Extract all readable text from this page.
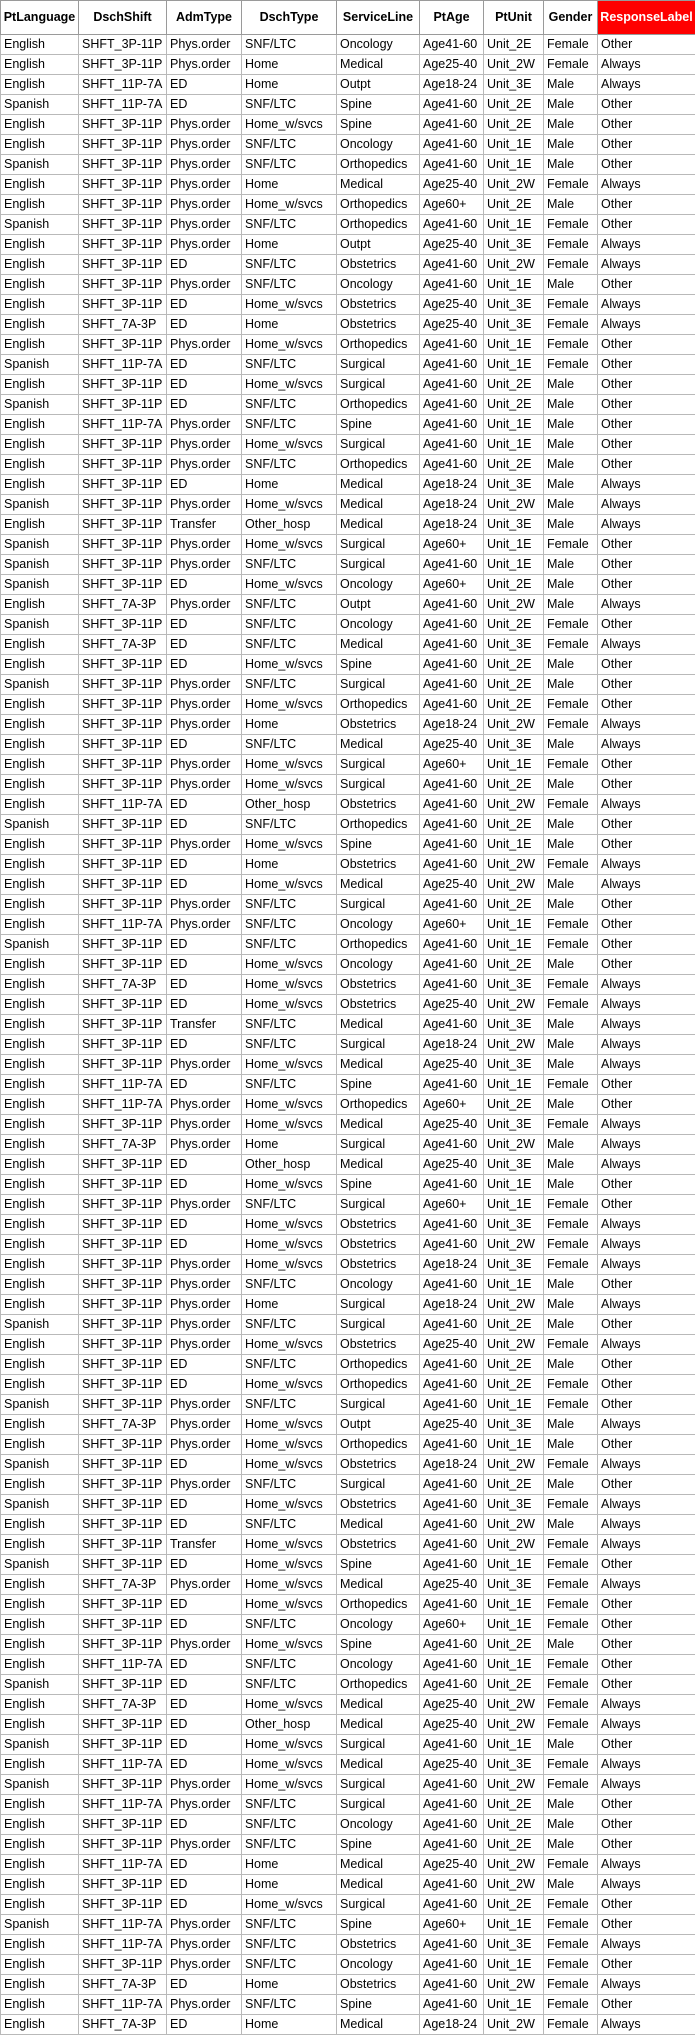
PtLanguage	DschShift	AdmType	DschType	ServiceLine	PtAge	PtUnit	Gender	ResponseLabel
English	SHFT_3P-11P	Phys.order	SNF/LTC	Oncology	Age41-60	Unit_2E	Female	Other
English	SHFT_3P-11P	Phys.order	Home	Medical	Age25-40	Unit_2W	Female	Always
English	SHFT_11P-7A	ED	Home	Outpt	Age18-24	Unit_3E	Male	Always
Spanish	SHFT_11P-7A	ED	SNF/LTC	Spine	Age41-60	Unit_2E	Male	Other
English	SHFT_3P-11P	Phys.order	Home_w/svcs	Spine	Age41-60	Unit_2E	Male	Other
English	SHFT_3P-11P	Phys.order	SNF/LTC	Oncology	Age41-60	Unit_1E	Male	Other
Spanish	SHFT_3P-11P	Phys.order	SNF/LTC	Orthopedics	Age41-60	Unit_1E	Male	Other
English	SHFT_3P-11P	Phys.order	Home	Medical	Age25-40	Unit_2W	Female	Always
English	SHFT_3P-11P	Phys.order	Home_w/svcs	Orthopedics	Age60+	Unit_2E	Male	Other
Spanish	SHFT_3P-11P	Phys.order	SNF/LTC	Orthopedics	Age41-60	Unit_1E	Female	Other
English	SHFT_3P-11P	Phys.order	Home	Outpt	Age25-40	Unit_3E	Female	Always
English	SHFT_3P-11P	ED	SNF/LTC	Obstetrics	Age41-60	Unit_2W	Female	Always
English	SHFT_3P-11P	Phys.order	SNF/LTC	Oncology	Age41-60	Unit_1E	Male	Other
English	SHFT_3P-11P	ED	Home_w/svcs	Obstetrics	Age25-40	Unit_3E	Female	Always
English	SHFT_7A-3P	ED	Home	Obstetrics	Age25-40	Unit_3E	Female	Always
English	SHFT_3P-11P	Phys.order	Home_w/svcs	Orthopedics	Age41-60	Unit_1E	Female	Other
Spanish	SHFT_11P-7A	ED	SNF/LTC	Surgical	Age41-60	Unit_1E	Female	Other
English	SHFT_3P-11P	ED	Home_w/svcs	Surgical	Age41-60	Unit_2E	Male	Other
Spanish	SHFT_3P-11P	ED	SNF/LTC	Orthopedics	Age41-60	Unit_2E	Male	Other
English	SHFT_11P-7A	Phys.order	SNF/LTC	Spine	Age41-60	Unit_1E	Male	Other
English	SHFT_3P-11P	Phys.order	Home_w/svcs	Surgical	Age41-60	Unit_1E	Male	Other
English	SHFT_3P-11P	Phys.order	SNF/LTC	Orthopedics	Age41-60	Unit_2E	Male	Other
English	SHFT_3P-11P	ED	Home	Medical	Age18-24	Unit_3E	Male	Always
Spanish	SHFT_3P-11P	Phys.order	Home_w/svcs	Medical	Age18-24	Unit_2W	Male	Always
English	SHFT_3P-11P	Transfer	Other_hosp	Medical	Age18-24	Unit_3E	Male	Always
Spanish	SHFT_3P-11P	Phys.order	Home_w/svcs	Surgical	Age60+	Unit_1E	Female	Other
Spanish	SHFT_3P-11P	Phys.order	SNF/LTC	Surgical	Age41-60	Unit_1E	Male	Other
Spanish	SHFT_3P-11P	ED	Home_w/svcs	Oncology	Age60+	Unit_2E	Male	Other
English	SHFT_7A-3P	Phys.order	SNF/LTC	Outpt	Age41-60	Unit_2W	Male	Always
Spanish	SHFT_3P-11P	ED	SNF/LTC	Oncology	Age41-60	Unit_2E	Female	Other
English	SHFT_7A-3P	ED	SNF/LTC	Medical	Age41-60	Unit_3E	Female	Always
English	SHFT_3P-11P	ED	Home_w/svcs	Spine	Age41-60	Unit_2E	Male	Other
Spanish	SHFT_3P-11P	Phys.order	SNF/LTC	Surgical	Age41-60	Unit_2E	Male	Other
English	SHFT_3P-11P	Phys.order	Home_w/svcs	Orthopedics	Age41-60	Unit_2E	Female	Other
English	SHFT_3P-11P	Phys.order	Home	Obstetrics	Age18-24	Unit_2W	Female	Always
English	SHFT_3P-11P	ED	SNF/LTC	Medical	Age25-40	Unit_3E	Male	Always
English	SHFT_3P-11P	Phys.order	Home_w/svcs	Surgical	Age60+	Unit_1E	Female	Other
English	SHFT_3P-11P	Phys.order	Home_w/svcs	Surgical	Age41-60	Unit_2E	Male	Other
English	SHFT_11P-7A	ED	Other_hosp	Obstetrics	Age41-60	Unit_2W	Female	Always
Spanish	SHFT_3P-11P	ED	SNF/LTC	Orthopedics	Age41-60	Unit_2E	Male	Other
English	SHFT_3P-11P	Phys.order	Home_w/svcs	Spine	Age41-60	Unit_1E	Male	Other
English	SHFT_3P-11P	ED	Home	Obstetrics	Age41-60	Unit_2W	Female	Always
English	SHFT_3P-11P	ED	Home_w/svcs	Medical	Age25-40	Unit_2W	Male	Always
English	SHFT_3P-11P	Phys.order	SNF/LTC	Surgical	Age41-60	Unit_2E	Male	Other
English	SHFT_11P-7A	Phys.order	SNF/LTC	Oncology	Age60+	Unit_1E	Female	Other
Spanish	SHFT_3P-11P	ED	SNF/LTC	Orthopedics	Age41-60	Unit_1E	Female	Other
English	SHFT_3P-11P	ED	Home_w/svcs	Oncology	Age41-60	Unit_2E	Male	Other
English	SHFT_7A-3P	ED	Home_w/svcs	Obstetrics	Age41-60	Unit_3E	Female	Always
English	SHFT_3P-11P	ED	Home_w/svcs	Obstetrics	Age25-40	Unit_2W	Female	Always
English	SHFT_3P-11P	Transfer	SNF/LTC	Medical	Age41-60	Unit_3E	Male	Always
English	SHFT_3P-11P	ED	SNF/LTC	Surgical	Age18-24	Unit_2W	Male	Always
English	SHFT_3P-11P	Phys.order	Home_w/svcs	Medical	Age25-40	Unit_3E	Male	Always
English	SHFT_11P-7A	ED	SNF/LTC	Spine	Age41-60	Unit_1E	Female	Other
English	SHFT_11P-7A	Phys.order	Home_w/svcs	Orthopedics	Age60+	Unit_2E	Male	Other
English	SHFT_3P-11P	Phys.order	Home_w/svcs	Medical	Age25-40	Unit_3E	Female	Always
English	SHFT_7A-3P	Phys.order	Home	Surgical	Age41-60	Unit_2W	Male	Always
English	SHFT_3P-11P	ED	Other_hosp	Medical	Age25-40	Unit_3E	Male	Always
English	SHFT_3P-11P	ED	Home_w/svcs	Spine	Age41-60	Unit_1E	Male	Other
English	SHFT_3P-11P	Phys.order	SNF/LTC	Surgical	Age60+	Unit_1E	Female	Other
English	SHFT_3P-11P	ED	Home_w/svcs	Obstetrics	Age41-60	Unit_3E	Female	Always
English	SHFT_3P-11P	ED	Home_w/svcs	Obstetrics	Age41-60	Unit_2W	Female	Always
English	SHFT_3P-11P	Phys.order	Home_w/svcs	Obstetrics	Age18-24	Unit_3E	Female	Always
English	SHFT_3P-11P	Phys.order	SNF/LTC	Oncology	Age41-60	Unit_1E	Male	Other
English	SHFT_3P-11P	Phys.order	Home	Surgical	Age18-24	Unit_2W	Male	Always
Spanish	SHFT_3P-11P	Phys.order	SNF/LTC	Surgical	Age41-60	Unit_2E	Male	Other
English	SHFT_3P-11P	Phys.order	Home_w/svcs	Obstetrics	Age25-40	Unit_2W	Female	Always
English	SHFT_3P-11P	ED	SNF/LTC	Orthopedics	Age41-60	Unit_2E	Male	Other
English	SHFT_3P-11P	ED	Home_w/svcs	Orthopedics	Age41-60	Unit_2E	Female	Other
Spanish	SHFT_3P-11P	Phys.order	SNF/LTC	Surgical	Age41-60	Unit_1E	Female	Other
English	SHFT_7A-3P	Phys.order	Home_w/svcs	Outpt	Age25-40	Unit_3E	Male	Always
English	SHFT_3P-11P	Phys.order	Home_w/svcs	Orthopedics	Age41-60	Unit_1E	Male	Other
Spanish	SHFT_3P-11P	ED	Home_w/svcs	Obstetrics	Age18-24	Unit_2W	Female	Always
English	SHFT_3P-11P	Phys.order	SNF/LTC	Surgical	Age41-60	Unit_2E	Male	Other
Spanish	SHFT_3P-11P	ED	Home_w/svcs	Obstetrics	Age41-60	Unit_3E	Female	Always
English	SHFT_3P-11P	ED	SNF/LTC	Medical	Age41-60	Unit_2W	Male	Always
English	SHFT_3P-11P	Transfer	Home_w/svcs	Obstetrics	Age41-60	Unit_2W	Female	Always
Spanish	SHFT_3P-11P	ED	Home_w/svcs	Spine	Age41-60	Unit_1E	Female	Other
English	SHFT_7A-3P	Phys.order	Home_w/svcs	Medical	Age25-40	Unit_3E	Female	Always
English	SHFT_3P-11P	ED	Home_w/svcs	Orthopedics	Age41-60	Unit_1E	Female	Other
English	SHFT_3P-11P	ED	SNF/LTC	Oncology	Age60+	Unit_1E	Female	Other
English	SHFT_3P-11P	Phys.order	Home_w/svcs	Spine	Age41-60	Unit_2E	Male	Other
English	SHFT_11P-7A	ED	SNF/LTC	Oncology	Age41-60	Unit_1E	Female	Other
Spanish	SHFT_3P-11P	ED	SNF/LTC	Orthopedics	Age41-60	Unit_2E	Female	Other
English	SHFT_7A-3P	ED	Home_w/svcs	Medical	Age25-40	Unit_2W	Female	Always
English	SHFT_3P-11P	ED	Other_hosp	Medical	Age25-40	Unit_2W	Female	Always
Spanish	SHFT_3P-11P	ED	Home_w/svcs	Surgical	Age41-60	Unit_1E	Male	Other
English	SHFT_11P-7A	ED	Home_w/svcs	Medical	Age25-40	Unit_3E	Female	Always
Spanish	SHFT_3P-11P	Phys.order	Home_w/svcs	Surgical	Age41-60	Unit_2W	Female	Always
English	SHFT_11P-7A	Phys.order	SNF/LTC	Surgical	Age41-60	Unit_2E	Male	Other
English	SHFT_3P-11P	ED	SNF/LTC	Oncology	Age41-60	Unit_2E	Male	Other
English	SHFT_3P-11P	Phys.order	SNF/LTC	Spine	Age41-60	Unit_2E	Male	Other
English	SHFT_11P-7A	ED	Home	Medical	Age25-40	Unit_2W	Female	Always
English	SHFT_3P-11P	ED	Home	Medical	Age41-60	Unit_2W	Male	Always
English	SHFT_3P-11P	ED	Home_w/svcs	Surgical	Age41-60	Unit_2E	Female	Other
Spanish	SHFT_11P-7A	Phys.order	SNF/LTC	Spine	Age60+	Unit_1E	Female	Other
English	SHFT_11P-7A	Phys.order	SNF/LTC	Obstetrics	Age41-60	Unit_3E	Female	Always
English	SHFT_3P-11P	Phys.order	SNF/LTC	Oncology	Age41-60	Unit_1E	Female	Other
English	SHFT_7A-3P	ED	Home	Obstetrics	Age41-60	Unit_2W	Female	Always
English	SHFT_11P-7A	Phys.order	SNF/LTC	Spine	Age41-60	Unit_1E	Female	Other
English	SHFT_7A-3P	ED	Home	Medical	Age18-24	Unit_2W	Female	Always
